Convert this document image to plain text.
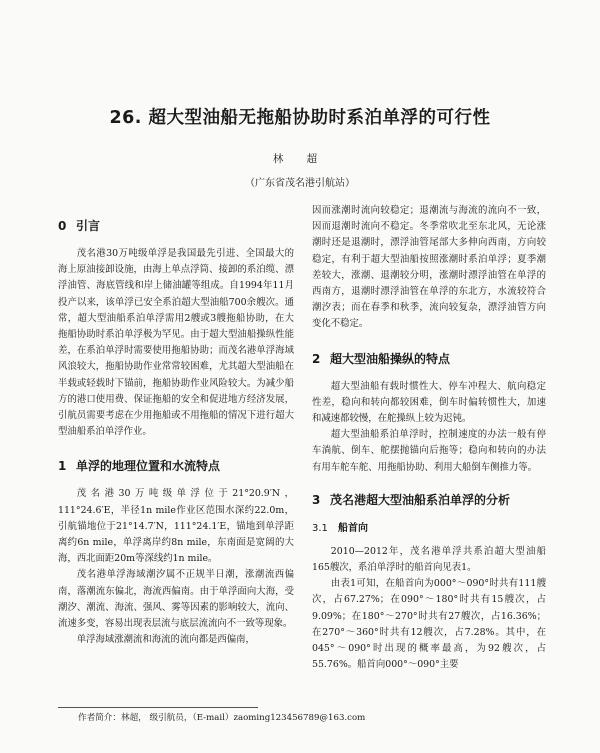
26. 超大型油船无拖船协助时系泊单浮的可行性
林 超
（广东省茂名港引航站）
0 引言

茂名港30万吨级单浮是我国最先引进、全国最大的海上原油接卸设施，由海上单点浮筒、接卸的系泊缆、漂浮油管、海底管线和岸上储油罐等组成。自1994年11月投产以来，该单浮已安全系泊超大型油船700余艘次。通常，超大型油船系泊单浮需用2艘或3艘拖船协助，在大拖船协助时系泊单浮极为罕见。由于超大型油船操纵性能差，在系泊单浮时需要使用拖船协助；而茂名港单浮海域风浪较大，拖船协助作业常常较困难，尤其超大型油船在半载或轻载时下锚前，拖船协助作业风险较大。为减少船方的港口使用费、保证拖船的安全和促进地方经济发展，引航员需要考虑在少用拖船或不用拖船的情况下进行超大型油船系泊单浮作业。

1 单浮的地理位置和水流特点

茂名港30万吨级单浮位于21°20.9′N，111°24.6′E，半径1n mile作业区范围水深约22.0m，引航锚地位于21°14.7′N，111°24.1′E，锚地到单浮距离约6n mile，单浮离岸约8n mile，东南面是宽阔的大海，西北面距20m等深线约1n mile。

茂名港单浮海域潮汐属不正规半日潮，涨潮流西偏南，落潮流东偏北，海流西偏南。由于单浮面向大海，受潮汐、潮流、海流、强风、雾等因素的影响较大，流向、流速多变，容易出现表层流与底层流流向不一致等现象。

单浮海域涨潮流和海流的流向都是西偏南，

因而涨潮时流向较稳定；退潮流与海流的流向不一致，因而退潮时流向不稳定。冬季常吹北至东北风，无论涨潮时还是退潮时，漂浮油管尾部大多伸向西南，方向较稳定，有利于超大型油船按照涨潮时系泊单浮；夏季潮差较大，涨潮、退潮较分明，涨潮时漂浮油管在单浮的西南方，退潮时漂浮油管在单浮的东北方，水流较符合潮汐表；而在春季和秋季，流向较复杂，漂浮油管方向变化不稳定。

2 超大型油船操纵的特点

超大型油船有载时惯性大、停车冲程大、航向稳定性差，稳向和转向都较困难，倒车时偏转惯性大，加速和减速都较慢，在舵操纵上较为迟钝。

超大型油船系泊单浮时，控制速度的办法一般有停车淌航、倒车、舵摆抛锚向后拖等；稳向和转向的办法有用车舵车舵、用拖船协助、利用大船倒车侧推力等。

3 茂名港超大型油船系泊单浮的分析
3.1 船首向

2010—2012年，茂名港单浮共系泊超大型油船165艘次，系泊单浮时的船首向见表1。

由表1可知，在船首向为000°～090°时共有111艘次，占67.27%；在090°～180°时共有15艘次，占9.09%；在180°～270°时共有27艘次，占16.36%；在270°～360°时共有12艘次，占7.28%。其中，在045°～090°时出现的概率最高，为92艘次，占55.76%。船首向000°～090°主要

作者简介：林超， 级引航员，（E-mail）zaoming123456789@163.com
